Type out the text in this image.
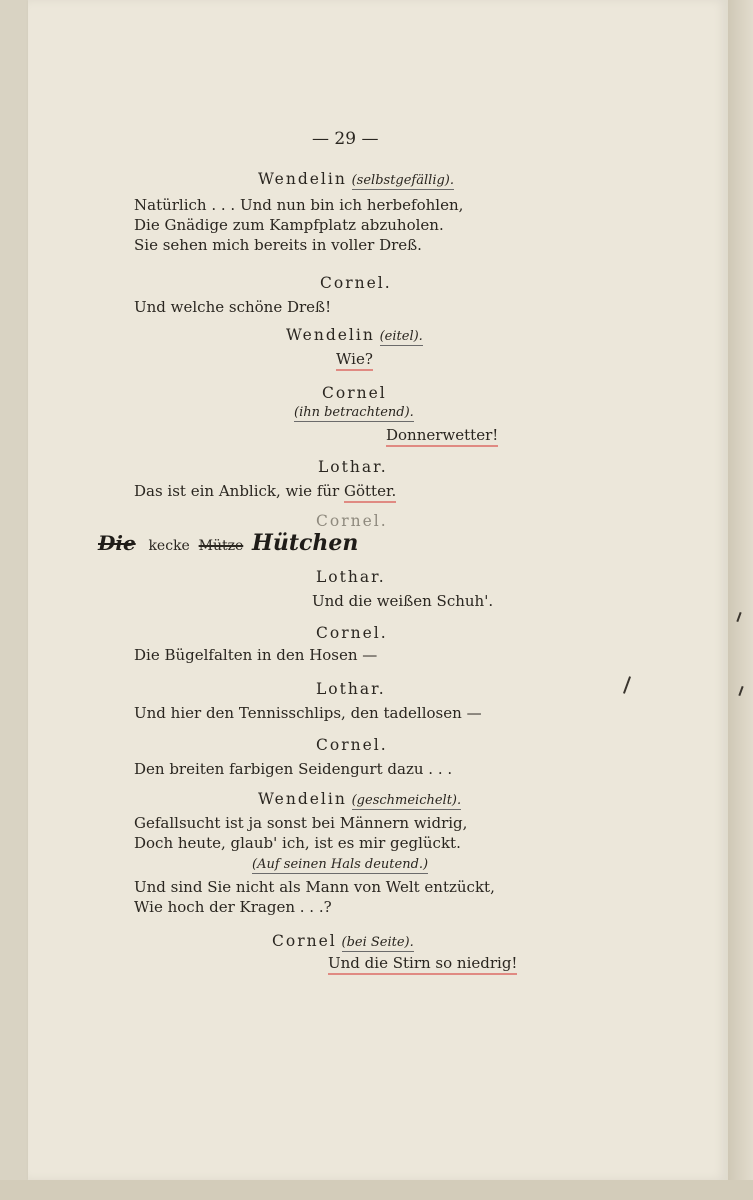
— 29 —
Wendelin (selbstgefällig).
Natürlich . . . Und nun bin ich herbefohlen,
Die Gnädige zum Kampfplatz abzuholen.
Sie sehen mich bereits in voller Dreß.
Cornel.
Und welche schöne Dreß!
Wendelin (eitel).
Wie?
Cornel
(ihn betrachtend).
Donnerwetter!
Lothar.
Das ist ein Anblick, wie für Götter.
Cornel.
Die kecke Mütze Hütchen
Lothar.
Und die weißen Schuh'.
Cornel.
Die Bügelfalten in den Hosen —
Lothar.
Und hier den Tennisschlips, den tadellosen —
Cornel.
Den breiten farbigen Seidengurt dazu . . .
Wendelin (geschmeichelt).
Gefallsucht ist ja sonst bei Männern widrig,
Doch heute, glaub' ich, ist es mir geglückt.
(Auf seinen Hals deutend.)
Und sind Sie nicht als Mann von Welt entzückt,
Wie hoch der Kragen . . .?
Cornel (bei Seite).
Und die Stirn so niedrig!
